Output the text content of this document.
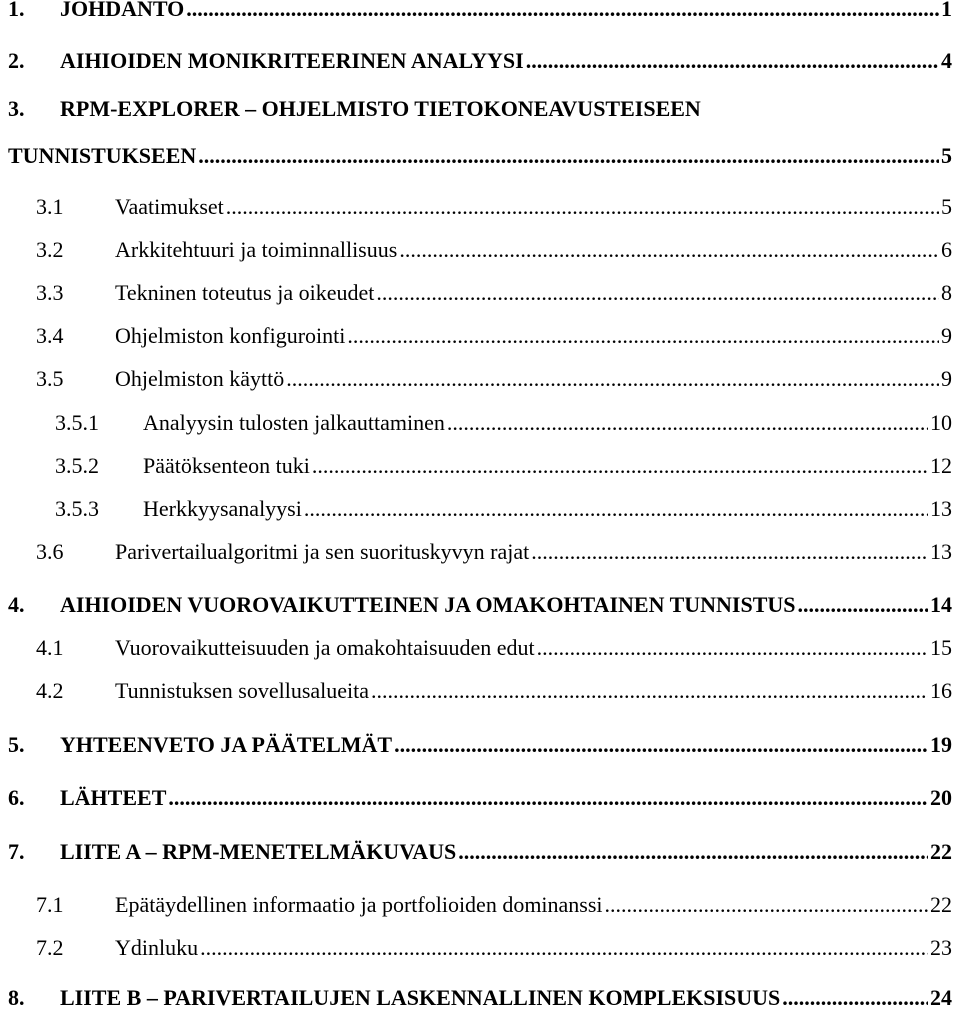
1. JOHDANTO .....	1
2. AIHIOIDEN MONIKRITEERINEN ANALYYSI .....	4
3. RPM-EXPLORER – OHJELMISTO TIETOKONEAVUSTEISEEN
TUNNISTUKSEEN .....	5
3.1 Vaatimukset .....	5
3.2 Arkkitehtuuri ja toiminnallisuus .....	6
3.3 Tekninen toteutus ja oikeudet .....	8
3.4 Ohjelmiston konfigurointi .....	9
3.5 Ohjelmiston käyttö .....	9
3.5.1 Analyysin tulosten jalkauttaminen .....	10
3.5.2 Päätöksenteon tuki .....	12
3.5.3 Herkkyysanalyysi .....	13
3.6 Parivertailualgoritmi ja sen suorituskyvyn rajat .....	13
4. AIHIOIDEN VUOROVAIKUTTEINEN JA OMAKOHTAINEN TUNNISTUS .....	14
4.1 Vuorovaikutteisuuden ja omakohtaisuuden edut .....	15
4.2 Tunnistuksen sovellusalueita .....	16
5. YHTEENVETO JA PÄÄTELMÄT .....	19
6. LÄHTEET .....	20
7. LIITE A – RPM-MENETELMÄKUVAUS .....	22
7.1 Epätäydellinen informaatio ja portfolioiden dominanssi .....	22
7.2 Ydinluku .....	23
8. LIITE B – PARIVERTAILUJEN LASKENNALLINEN KOMPLEKSISUUS .....	24
